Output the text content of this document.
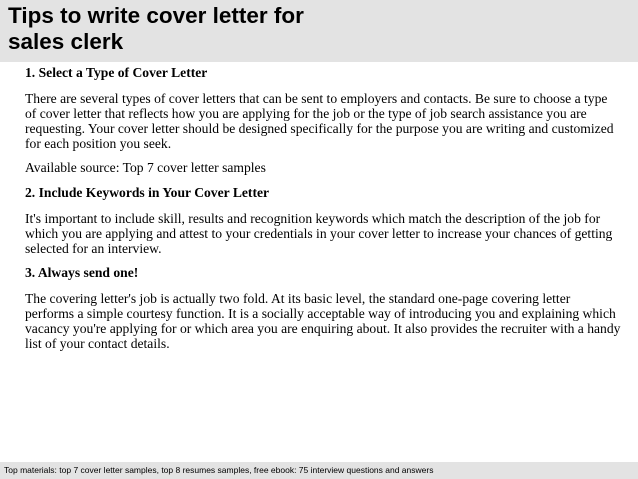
Tips to write cover letter for
sales clerk

1. Select a Type of Cover Letter

There are several types of cover letters that can be sent to employers and contacts. Be sure to choose a type of cover letter that reflects how you are applying for the job or the type of job search assistance you are requesting. Your cover letter should be designed specifically for the purpose you are writing and customized for each position you seek.

Available source: Top 7 cover letter samples

2. Include Keywords in Your Cover Letter

It's important to include skill, results and recognition keywords which match the description of the job for which you are applying and attest to your credentials in your cover letter to increase your chances of getting selected for an interview.

3. Always send one!

The covering letter's job is actually two fold. At its basic level, the standard one-page covering letter performs a simple courtesy function. It is a socially acceptable way of introducing you and explaining which vacancy you're applying for or which area you are enquiring about. It also provides the recruiter with a handy list of your contact details.

Top materials: top 7 cover letter samples, top 8 resumes samples, free ebook: 75 interview questions and answers
